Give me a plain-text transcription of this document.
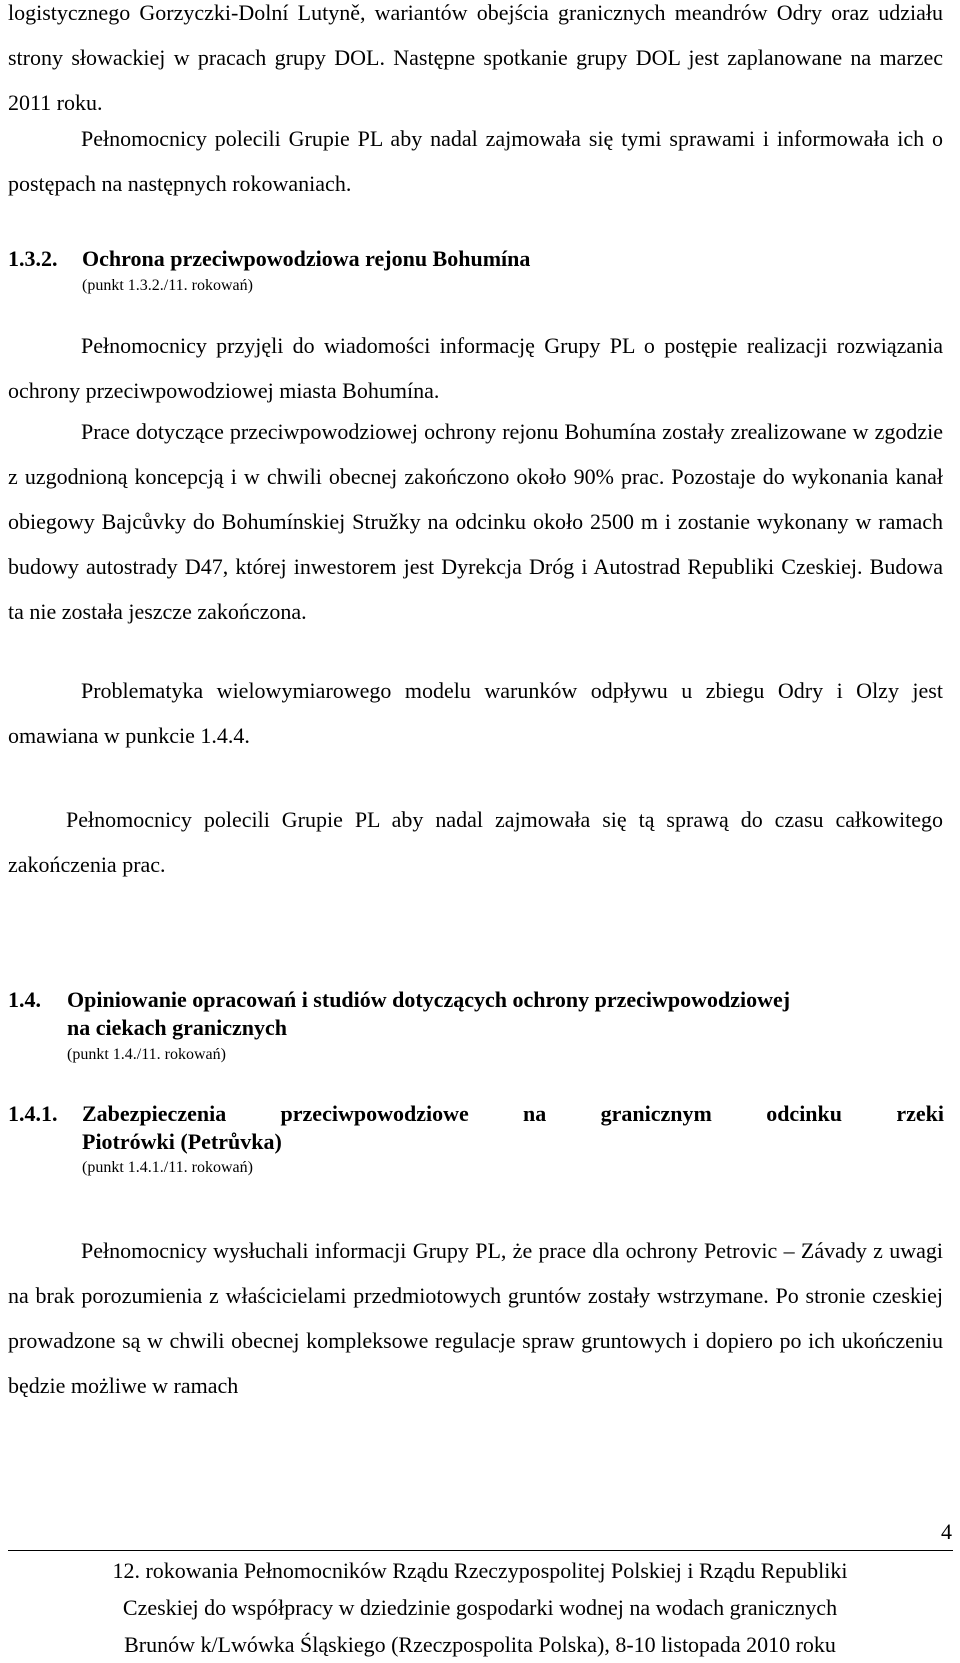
logistycznego Gorzyczki-Dolní Lutyně, wariantów obejścia granicznych meandrów Odry oraz udziału strony słowackiej w pracach grupy DOL. Następne spotkanie grupy DOL jest zaplanowane na marzec 2011 roku.

Pełnomocnicy polecili Grupie PL aby nadal zajmowała się tymi sprawami i informowała ich o postępach na następnych rokowaniach.

1.3.2. Ochrona przeciwpowodziowa rejonu Bohumína
(punkt 1.3.2./11. rokowań)

Pełnomocnicy przyjęli do wiadomości informację Grupy PL o postępie realizacji rozwiązania ochrony przeciwpowodziowej miasta Bohumína.

Prace dotyczące przeciwpowodziowej ochrony rejonu Bohumína zostały zrealizowane w zgodzie z uzgodnioną koncepcją i w chwili obecnej zakończono około 90% prac. Pozostaje do wykonania kanał obiegowy Bajcůvky do Bohumínskiej Stružky na odcinku około 2500 m i zostanie wykonany w ramach budowy autostrady D47, której inwestorem jest Dyrekcja Dróg i Autostrad Republiki Czeskiej. Budowa ta nie została jeszcze zakończona.

Problematyka wielowymiarowego modelu warunków odpływu u zbiegu Odry i Olzy jest omawiana w punkcie 1.4.4.

Pełnomocnicy polecili Grupie PL aby nadal zajmowała się tą sprawą do czasu całkowitego zakończenia prac.

1.4. Opiniowanie opracowań i studiów dotyczących ochrony przeciwpowodziowej
na ciekach granicznych
(punkt 1.4./11. rokowań)
1.4.1. Zabezpieczenia przeciwpowodziowe na granicznym odcinku rzeki
Piotrówki (Petrůvka)
(punkt 1.4.1./11. rokowań)

Pełnomocnicy wysłuchali informacji Grupy PL, że prace dla ochrony Petrovic – Závady z uwagi na brak porozumienia z właścicielami przedmiotowych gruntów zostały wstrzymane. Po stronie czeskiej prowadzone są w chwili obecnej kompleksowe regulacje spraw gruntowych i dopiero po ich ukończeniu będzie możliwe w ramach

4
12. rokowania Pełnomocników Rządu Rzeczypospolitej Polskiej i Rządu Republiki
Czeskiej do współpracy w dziedzinie gospodarki wodnej na wodach granicznych
Brunów k/Lwówka Śląskiego (Rzeczpospolita Polska), 8-10 listopada 2010 roku
